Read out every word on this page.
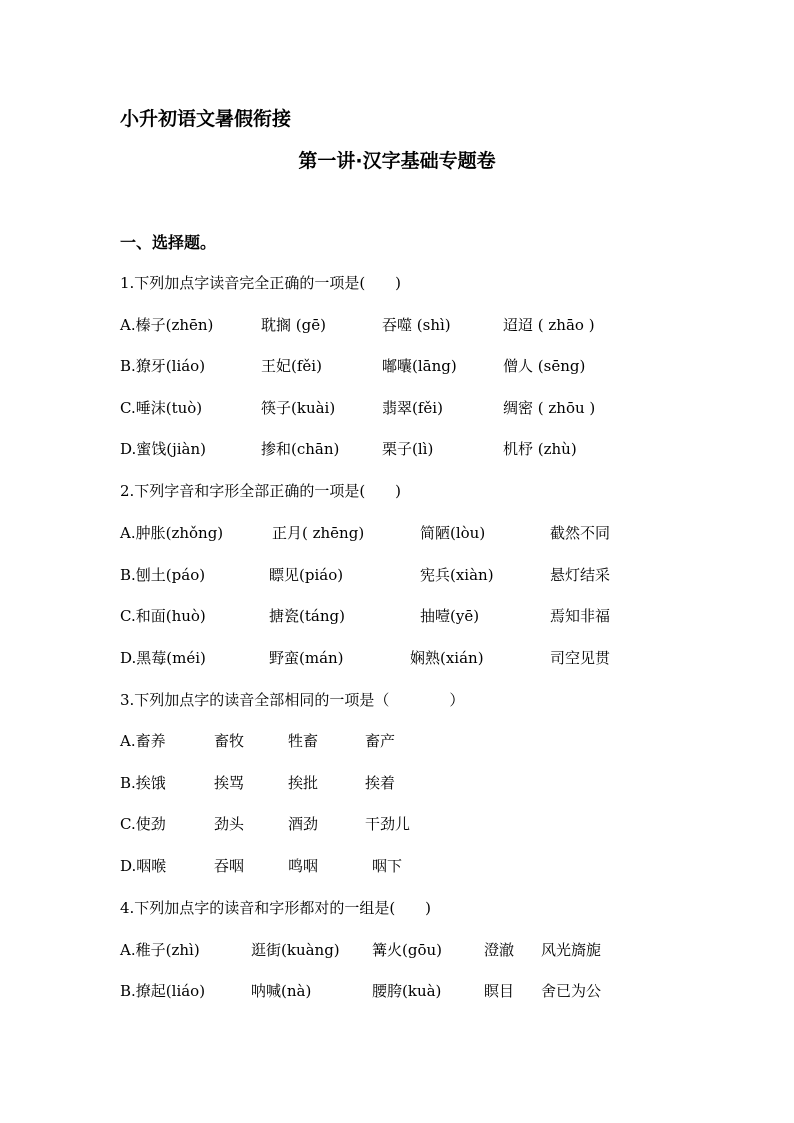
小升初语文暑假衔接
第一讲·汉字基础专题卷
一、选择题。
1.下列加点字读音完全正确的一项是(　　)
A.榛子(zhēn)	耽搁 (gē)	吞噬 (shì)	迢迢 ( zhāo )
B.獠牙(liáo)	王妃(fěi)	嘟囔(lāng)	僧人 (sēng)
C.唾沫(tuò)	筷子(kuài)	翡翠(fěi)	绸密 ( zhōu )
D.蜜饯(jiàn)	掺和(chān)	栗子(lì)	机杼 (zhù)
2.下列字音和字形全部正确的一项是(　　)
A.肿胀(zhǒng)	正月( zhēng)	简陋(lòu)	截然不同
B.刨土(páo)	瞟见(piáo)	宪兵(xiàn)	悬灯结采
C.和面(huò)	搪瓷(táng)	抽噎(yē)	焉知非福
D.黑莓(méi)	野蛮(mán)	娴熟(xián)	司空见贯
3.下列加点字的读音全部相同的一项是（　　　　）
A.畜养	畜牧	牲畜	畜产
B.挨饿	挨骂	挨批	挨着
C.使劲	劲头	酒劲	干劲儿
D.咽喉	吞咽	鸣咽	咽下
4.下列加点字的读音和字形都对的一组是(　　)
A.稚子(zhì)	逛街(kuàng) 篝火(gōu)	澄澈 风光旖旎
B.撩起(liáo)	呐喊(nà)	腰胯(kuà)	瞑目 舍已为公
